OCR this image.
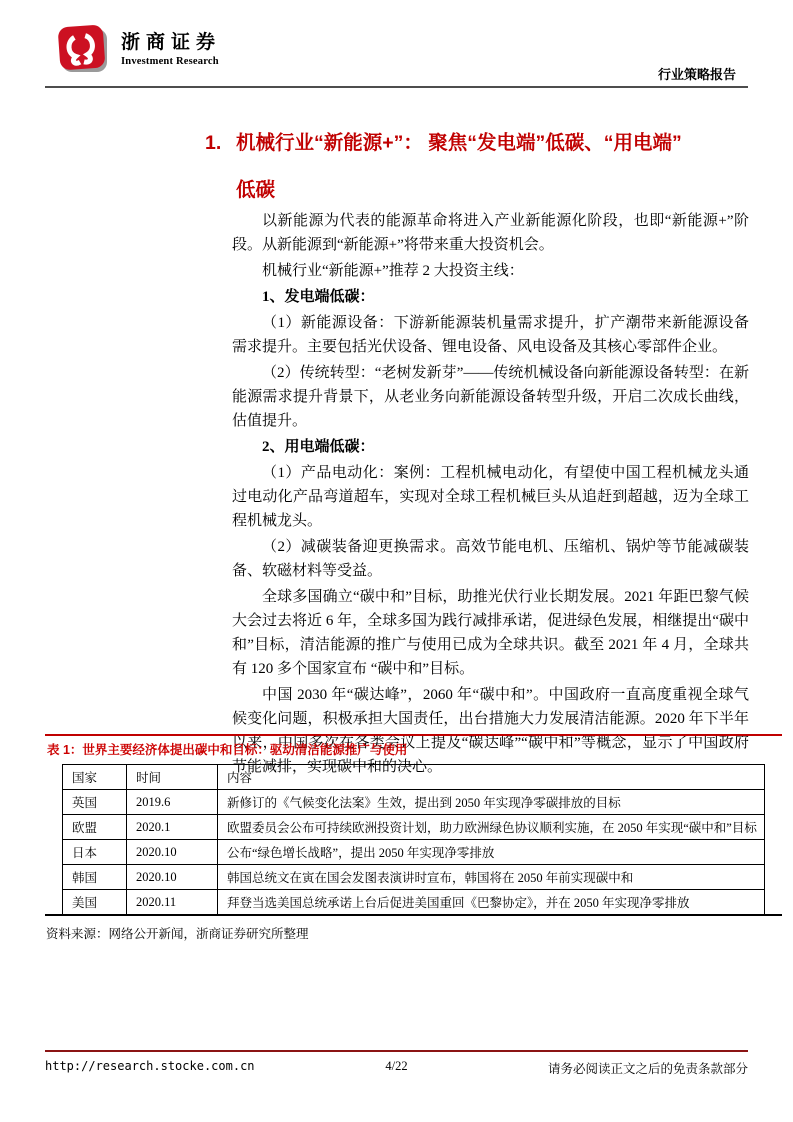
浙商证券
Investment Research
行业策略报告
1. 机械行业“新能源+”： 聚焦“发电端”低碳、“用电端”
低碳
以新能源为代表的能源革命将进入产业新能源化阶段，也即“新能源+”阶段。从新能源到“新能源+”将带来重大投资机会。
机械行业“新能源+”推荐 2 大投资主线：
1、发电端低碳：
（1）新能源设备：下游新能源装机量需求提升，扩产潮带来新能源设备需求提升。主要包括光伏设备、锂电设备、风电设备及其核心零部件企业。
（2）传统转型：“老树发新芽”——传统机械设备向新能源设备转型：在新能源需求提升背景下，从老业务向新能源设备转型升级，开启二次成长曲线，估值提升。
2、用电端低碳：
（1）产品电动化：案例：工程机械电动化，有望使中国工程机械龙头通过电动化产品弯道超车，实现对全球工程机械巨头从追赶到超越，迈为全球工程机械龙头。
（2）减碳装备迎更换需求。高效节能电机、压缩机、锅炉等节能减碳装备、软磁材料等受益。
全球多国确立“碳中和”目标，助推光伏行业长期发展。2021 年距巴黎气候大会过去将近 6 年，全球多国为践行减排承诺，促进绿色发展，相继提出“碳中和”目标，清洁能源的推广与使用已成为全球共识。截至 2021 年 4 月，全球共有 120 多个国家宣布 “碳中和”目标。
中国 2030 年“碳达峰”，2060 年“碳中和”。中国政府一直高度重视全球气候变化问题，积极承担大国责任，出台措施大力发展清洁能源。2020 年下半年以来，中国多次在各类会议上提及“碳达峰”“碳中和”等概念，显示了中国政府节能减排，实现碳中和的决心。
表 1：世界主要经济体提出碳中和目标：驱动清洁能源推广与使用
国家	时间	内容
英国	2019.6	新修订的《气候变化法案》生效，提出到 2050 年实现净零碳排放的目标
欧盟	2020.1	欧盟委员会公布可持续欧洲投资计划，助力欧洲绿色协议顺利实施，在 2050 年实现“碳中和”目标
日本	2020.10	公布“绿色增长战略”，提出 2050 年实现净零排放
韩国	2020.10	韩国总统文在寅在国会发图表演讲时宣布，韩国将在 2050 年前实现碳中和
美国	2020.11	拜登当选美国总统承诺上台后促进美国重回《巴黎协定》，并在 2050 年实现净零排放
资料来源：网络公开新闻，浙商证券研究所整理
http://research.stocke.com.cn	4/22	请务必阅读正文之后的免责条款部分
